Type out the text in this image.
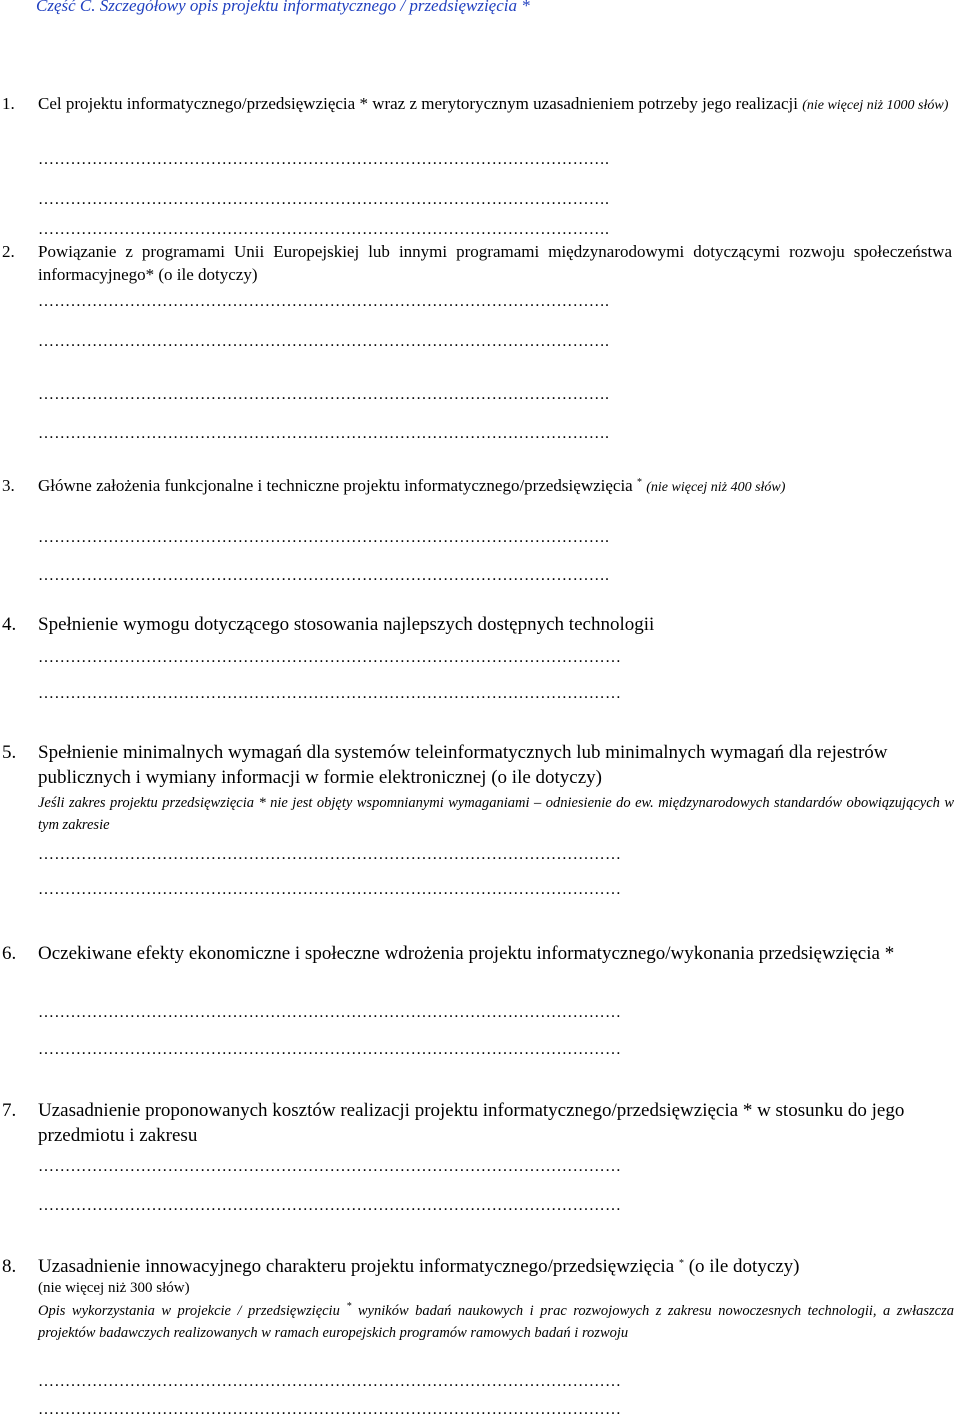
Część C. Szczegółowy opis projektu informatycznego / przedsięwzięcia *
1. Cel projektu informatycznego/przedsięwzięcia * wraz z merytorycznym uzasadnieniem potrzeby jego realizacji (nie więcej niż 1000 słów)
…………………………………………………………………………………………….
…………………………………………………………………………………………….
…………………………………………………………………………………………….
2. Powiązanie z programami Unii Europejskiej lub innymi programami międzynarodowymi dotyczącymi rozwoju społeczeństwa informacyjnego* (o ile dotyczy)
…………………………………………………………………………………………….
…………………………………………………………………………………………….
…………………………………………………………………………………………….
…………………………………………………………………………………………….
3. Główne założenia funkcjonalne i techniczne projektu informatycznego/przedsięwzięcia * (nie więcej niż 400 słów)
…………………………………………………………………………………………….
…………………………………………………………………………………………….
4. Spełnienie wymogu dotyczącego stosowania najlepszych dostępnych technologii
………………………………………………………………………………………………
………………………………………………………………………………………………
5. Spełnienie minimalnych wymagań dla systemów teleinformatycznych lub minimalnych wymagań dla rejestrów publicznych i wymiany informacji w formie elektronicznej (o ile dotyczy)
Jeśli zakres projektu przedsięwzięcia * nie jest objęty wspomnianymi wymaganiami – odniesienie do ew. międzynarodowych standardów obowiązujących w tym zakresie
………………………………………………………………………………………………
………………………………………………………………………………………………
6. Oczekiwane efekty ekonomiczne i społeczne wdrożenia projektu informatycznego/wykonania przedsięwzięcia *
………………………………………………………………………………………………
………………………………………………………………………………………………
7. Uzasadnienie proponowanych kosztów realizacji projektu informatycznego/przedsięwzięcia * w stosunku do jego przedmiotu i zakresu
………………………………………………………………………………………………
………………………………………………………………………………………………
8. Uzasadnienie innowacyjnego charakteru projektu informatycznego/przedsięwzięcia * (o ile dotyczy)
(nie więcej niż 300 słów)
Opis wykorzystania w projekcie / przedsięwzięciu * wyników badań naukowych i prac rozwojowych z zakresu nowoczesnych technologii, a zwłaszcza projektów badawczych realizowanych w ramach europejskich programów ramowych badań i rozwoju
………………………………………………………………………………………………
………………………………………………………………………………………………
